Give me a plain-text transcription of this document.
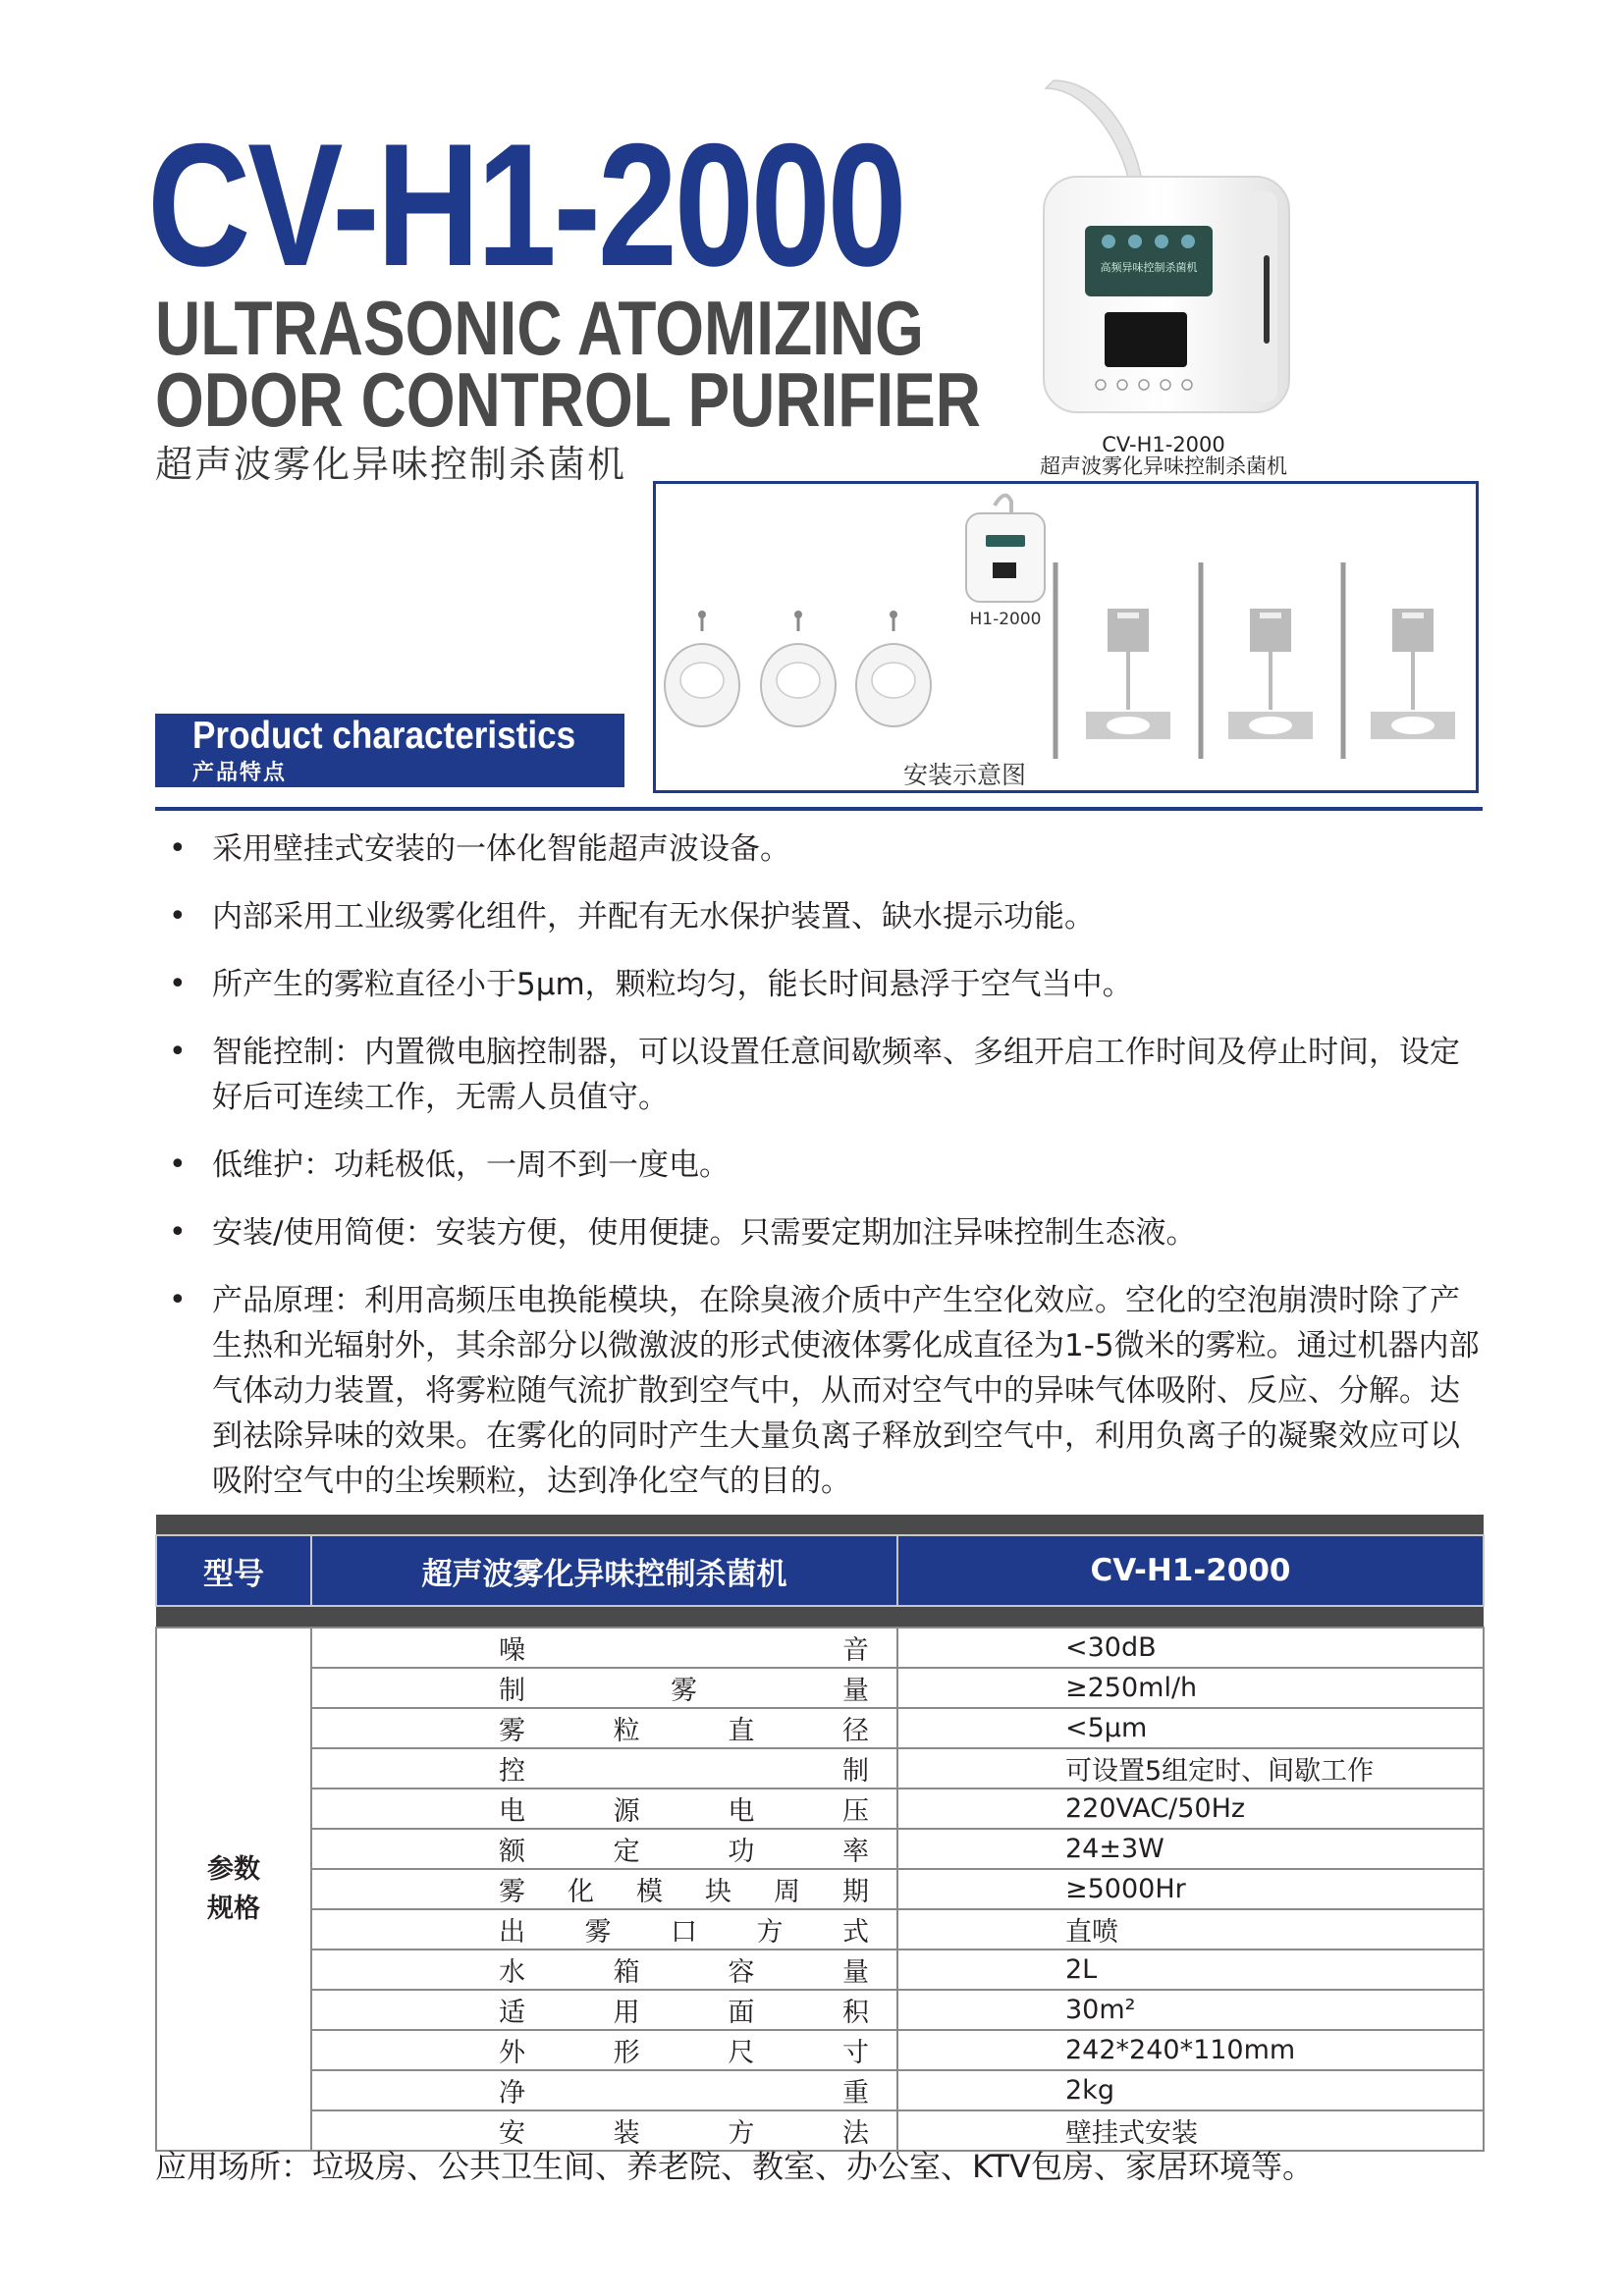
CV-H1-2000
ULTRASONIC ATOMIZING
ODOR CONTROL PURIFIER
超声波雾化异味控制杀菌机
高频异味控制杀菌机
CV-H1-2000
超声波雾化异味控制杀菌机
H1-2000
安装示意图
Product characteristics
产品特点
• 采用壁挂式安装的一体化智能超声波设备。
• 内部采用工业级雾化组件，并配有无水保护装置、缺水提示功能。
• 所产生的雾粒直径小于5μm，颗粒均匀，能长时间悬浮于空气当中。
• 智能控制：内置微电脑控制器，可以设置任意间歇频率、多组开启工作时间及停止时间，设定好后可连续工作，无需人员值守。
• 低维护：功耗极低，一周不到一度电。
• 安装/使用简便：安装方便，使用便捷。只需要定期加注异味控制生态液。
• 产品原理：利用高频压电换能模块，在除臭液介质中产生空化效应。空化的空泡崩溃时除了产生热和光辐射外，其余部分以微激波的形式使液体雾化成直径为1-5微米的雾粒。通过机器内部气体动力装置，将雾粒随气流扩散到空气中，从而对空气中的异味气体吸附、反应、分解。达到祛除异味的效果。在雾化的同时产生大量负离子释放到空气中，利用负离子的凝聚效应可以吸附空气中的尘埃颗粒，达到净化空气的目的。

型号	超声波雾化异味控制杀菌机	CV-H1-2000

参数
规格	噪音	<30dB
	制雾量	≥250ml/h
	雾粒直径	<5μm
	控制	可设置5组定时、间歇工作
	电源电压	220VAC/50Hz
	额定功率	24±3W
	雾化模块周期	≥5000Hr
	出雾口方式	直喷
	水箱容量	2L
	适用面积	30m²
	外形尺寸	242*240*110mm
	净重	2kg
	安装方法	壁挂式安装
应用场所：垃圾房、公共卫生间、养老院、教室、办公室、KTV包房、家居环境等。
